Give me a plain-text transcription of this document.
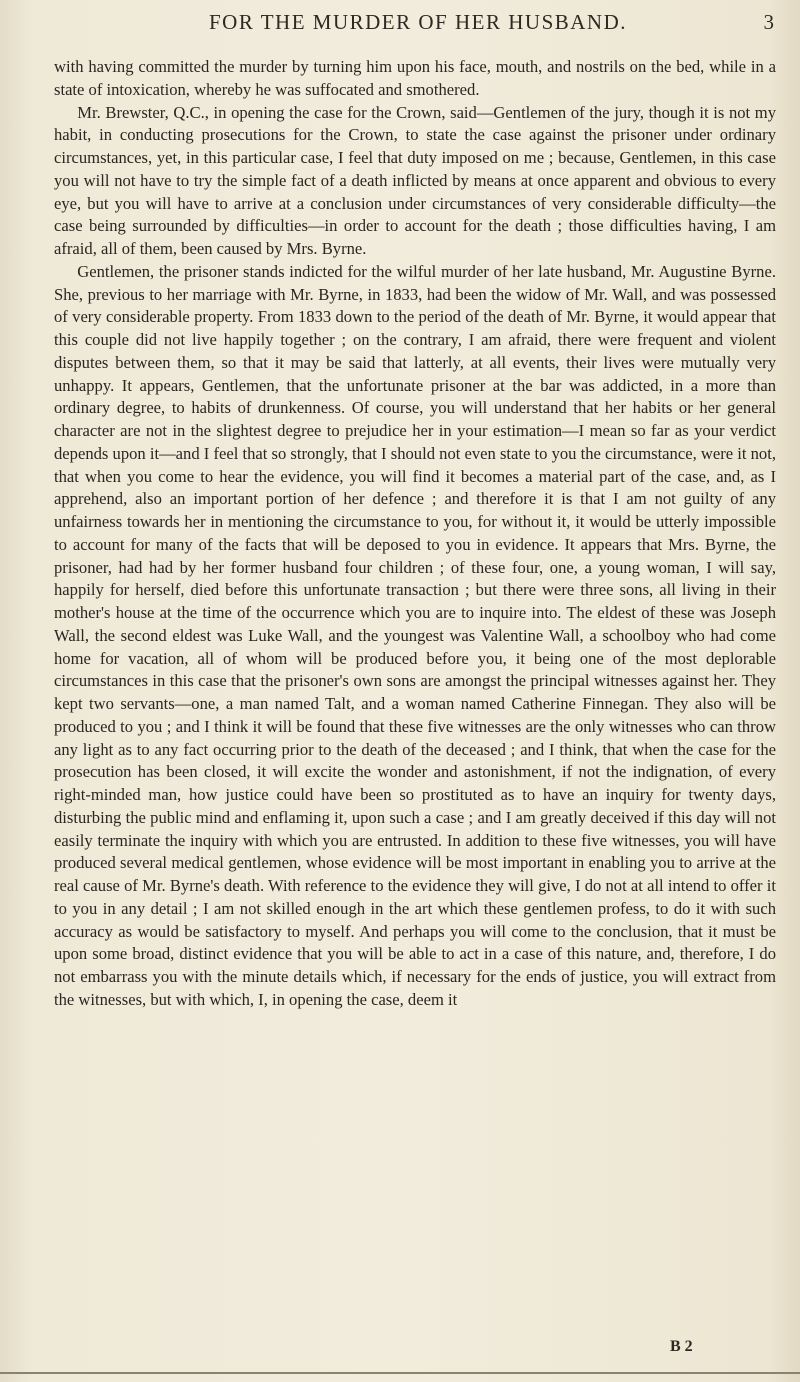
FOR THE MURDER OF HER HUSBAND.	3

with having committed the murder by turning him upon his face, mouth, and nostrils on the bed, while in a state of intoxication, whereby he was suffocated and smothered.

Mr. Brewster, Q.C., in opening the case for the Crown, said—Gentlemen of the jury, though it is not my habit, in conducting prosecutions for the Crown, to state the case against the prisoner under ordinary circumstances, yet, in this particular case, I feel that duty imposed on me ; because, Gentlemen, in this case you will not have to try the simple fact of a death inflicted by means at once apparent and obvious to every eye, but you will have to arrive at a conclusion under circumstances of very considerable difficulty—the case being surrounded by difficulties—in order to account for the death ; those difficulties having, I am afraid, all of them, been caused by Mrs. Byrne.

Gentlemen, the prisoner stands indicted for the wilful murder of her late husband, Mr. Augustine Byrne. She, previous to her marriage with Mr. Byrne, in 1833, had been the widow of Mr. Wall, and was possessed of very considerable property. From 1833 down to the period of the death of Mr. Byrne, it would appear that this couple did not live happily together ; on the contrary, I am afraid, there were frequent and violent disputes between them, so that it may be said that latterly, at all events, their lives were mutually very unhappy. It appears, Gentlemen, that the unfortunate prisoner at the bar was addicted, in a more than ordinary degree, to habits of drunkenness. Of course, you will understand that her habits or her general character are not in the slightest degree to prejudice her in your estimation—I mean so far as your verdict depends upon it—and I feel that so strongly, that I should not even state to you the circumstance, were it not, that when you come to hear the evidence, you will find it becomes a material part of the case, and, as I apprehend, also an important portion of her defence ; and therefore it is that I am not guilty of any unfairness towards her in mentioning the circumstance to you, for without it, it would be utterly impossible to account for many of the facts that will be deposed to you in evidence. It appears that Mrs. Byrne, the prisoner, had had by her former husband four children ; of these four, one, a young woman, I will say, happily for herself, died before this unfortunate transaction ; but there were three sons, all living in their mother's house at the time of the occurrence which you are to inquire into. The eldest of these was Joseph Wall, the second eldest was Luke Wall, and the youngest was Valentine Wall, a schoolboy who had come home for vacation, all of whom will be produced before you, it being one of the most deplorable circumstances in this case that the prisoner's own sons are amongst the principal witnesses against her. They kept two servants—one, a man named Talt, and a woman named Catherine Finnegan. They also will be produced to you ; and I think it will be found that these five witnesses are the only witnesses who can throw any light as to any fact occurring prior to the death of the deceased ; and I think, that when the case for the prosecution has been closed, it will excite the wonder and astonishment, if not the indignation, of every right-minded man, how justice could have been so prostituted as to have an inquiry for twenty days, disturbing the public mind and enflaming it, upon such a case ; and I am greatly deceived if this day will not easily terminate the inquiry with which you are entrusted. In addition to these five witnesses, you will have produced several medical gentlemen, whose evidence will be most important in enabling you to arrive at the real cause of Mr. Byrne's death. With reference to the evidence they will give, I do not at all intend to offer it to you in any detail ; I am not skilled enough in the art which these gentlemen profess, to do it with such accuracy as would be satisfactory to myself. And perhaps you will come to the conclusion, that it must be upon some broad, distinct evidence that you will be able to act in a case of this nature, and, therefore, I do not embarrass you with the minute details which, if necessary for the ends of justice, you will extract from the witnesses, but with which, I, in opening the case, deem it

B 2
